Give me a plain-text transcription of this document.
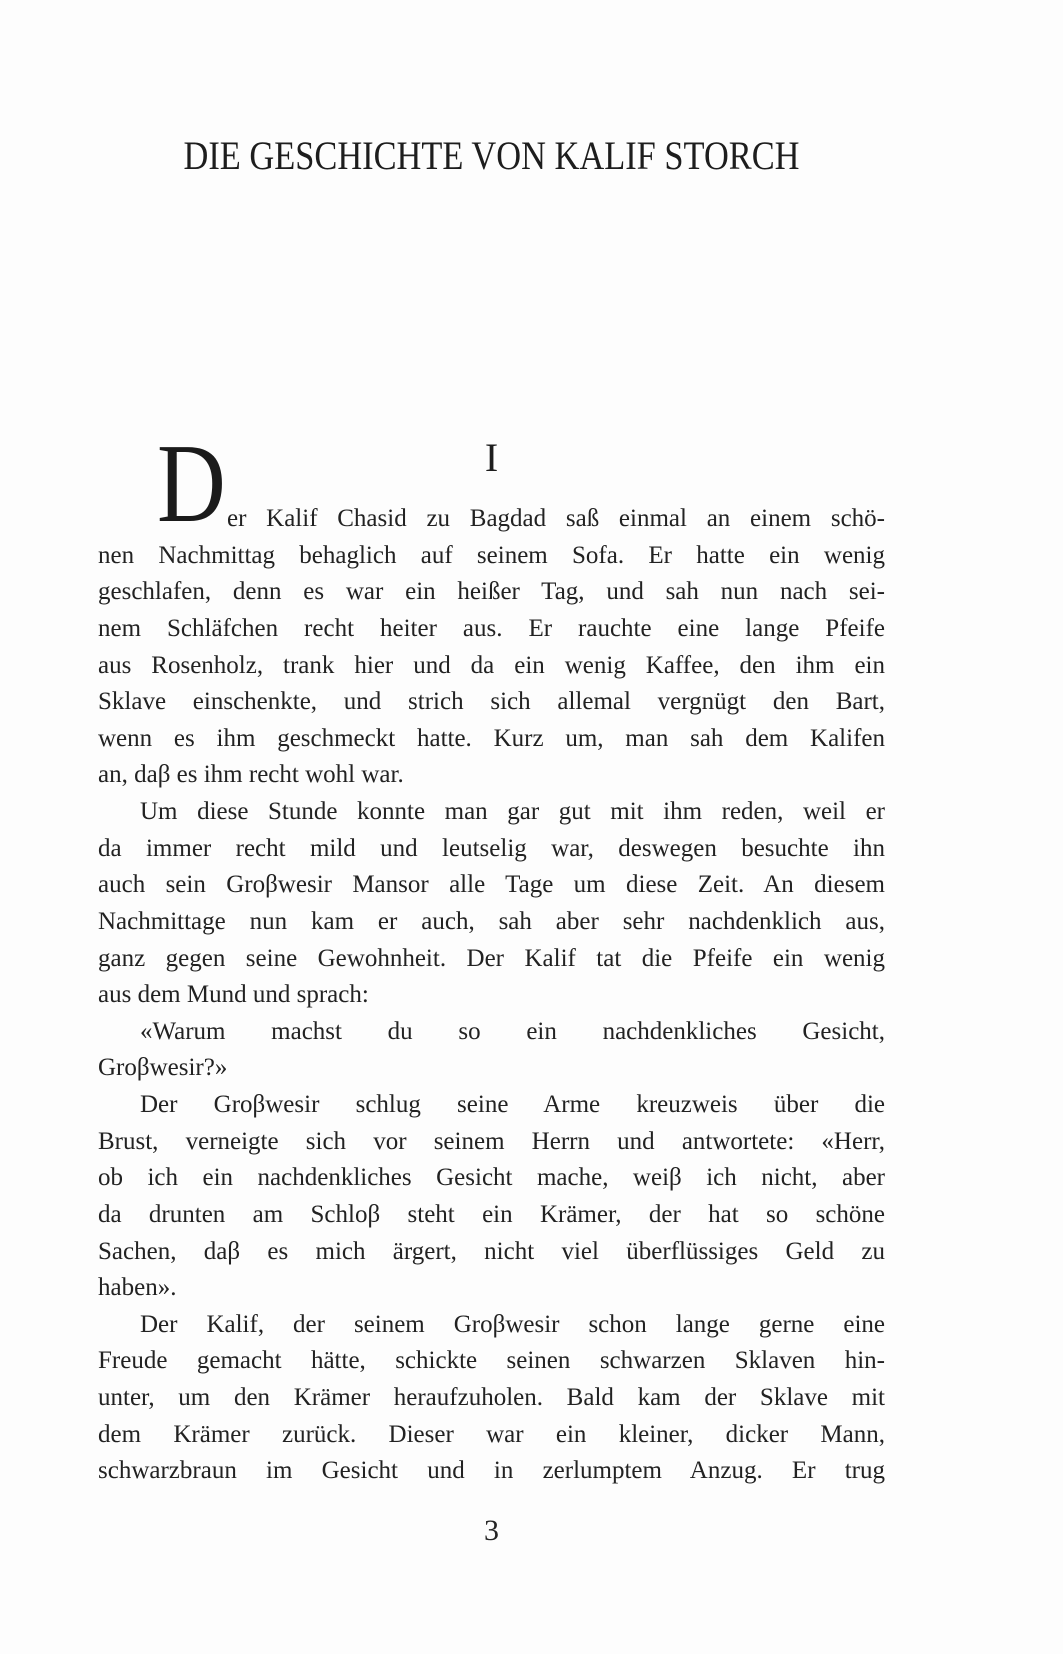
DIE GESCHICHTE VON KALIF STORCH
I
D er Kalif Chasid zu Bagdad saß einmal an einem schö-
nen Nachmittag behaglich auf seinem Sofa. Er hatte ein wenig
geschlafen, denn es war ein heißer Tag, und sah nun nach sei-
nem Schläfchen recht heiter aus. Er rauchte eine lange Pfeife
aus Rosenholz, trank hier und da ein wenig Kaffee, den ihm ein
Sklave einschenkte, und strich sich allemal vergnügt den Bart,
wenn es ihm geschmeckt hatte. Kurz um, man sah dem Kalifen
an, daβ es ihm recht wohl war.
Um diese Stunde konnte man gar gut mit ihm reden, weil er
da immer recht mild und leutselig war, deswegen besuchte ihn
auch sein Groβwesir Mansor alle Tage um diese Zeit. An diesem
Nachmittage nun kam er auch, sah aber sehr nachdenklich aus,
ganz gegen seine Gewohnheit. Der Kalif tat die Pfeife ein wenig
aus dem Mund und sprach:
«Warum machst du so ein nachdenkliches Gesicht,
Groβwesir?»
Der Groβwesir schlug seine Arme kreuzweis über die
Brust, verneigte sich vor seinem Herrn und antwortete: «Herr,
ob ich ein nachdenkliches Gesicht mache, weiβ ich nicht, aber
da drunten am Schloβ steht ein Krämer, der hat so schöne
Sachen, daβ es mich ärgert, nicht viel überflüssiges Geld zu
haben».
Der Kalif, der seinem Groβwesir schon lange gerne eine
Freude gemacht hätte, schickte seinen schwarzen Sklaven hin-
unter, um den Krämer heraufzuholen. Bald kam der Sklave mit
dem Krämer zurück. Dieser war ein kleiner, dicker Mann,
schwarzbraun im Gesicht und in zerlumptem Anzug. Er trug
3
